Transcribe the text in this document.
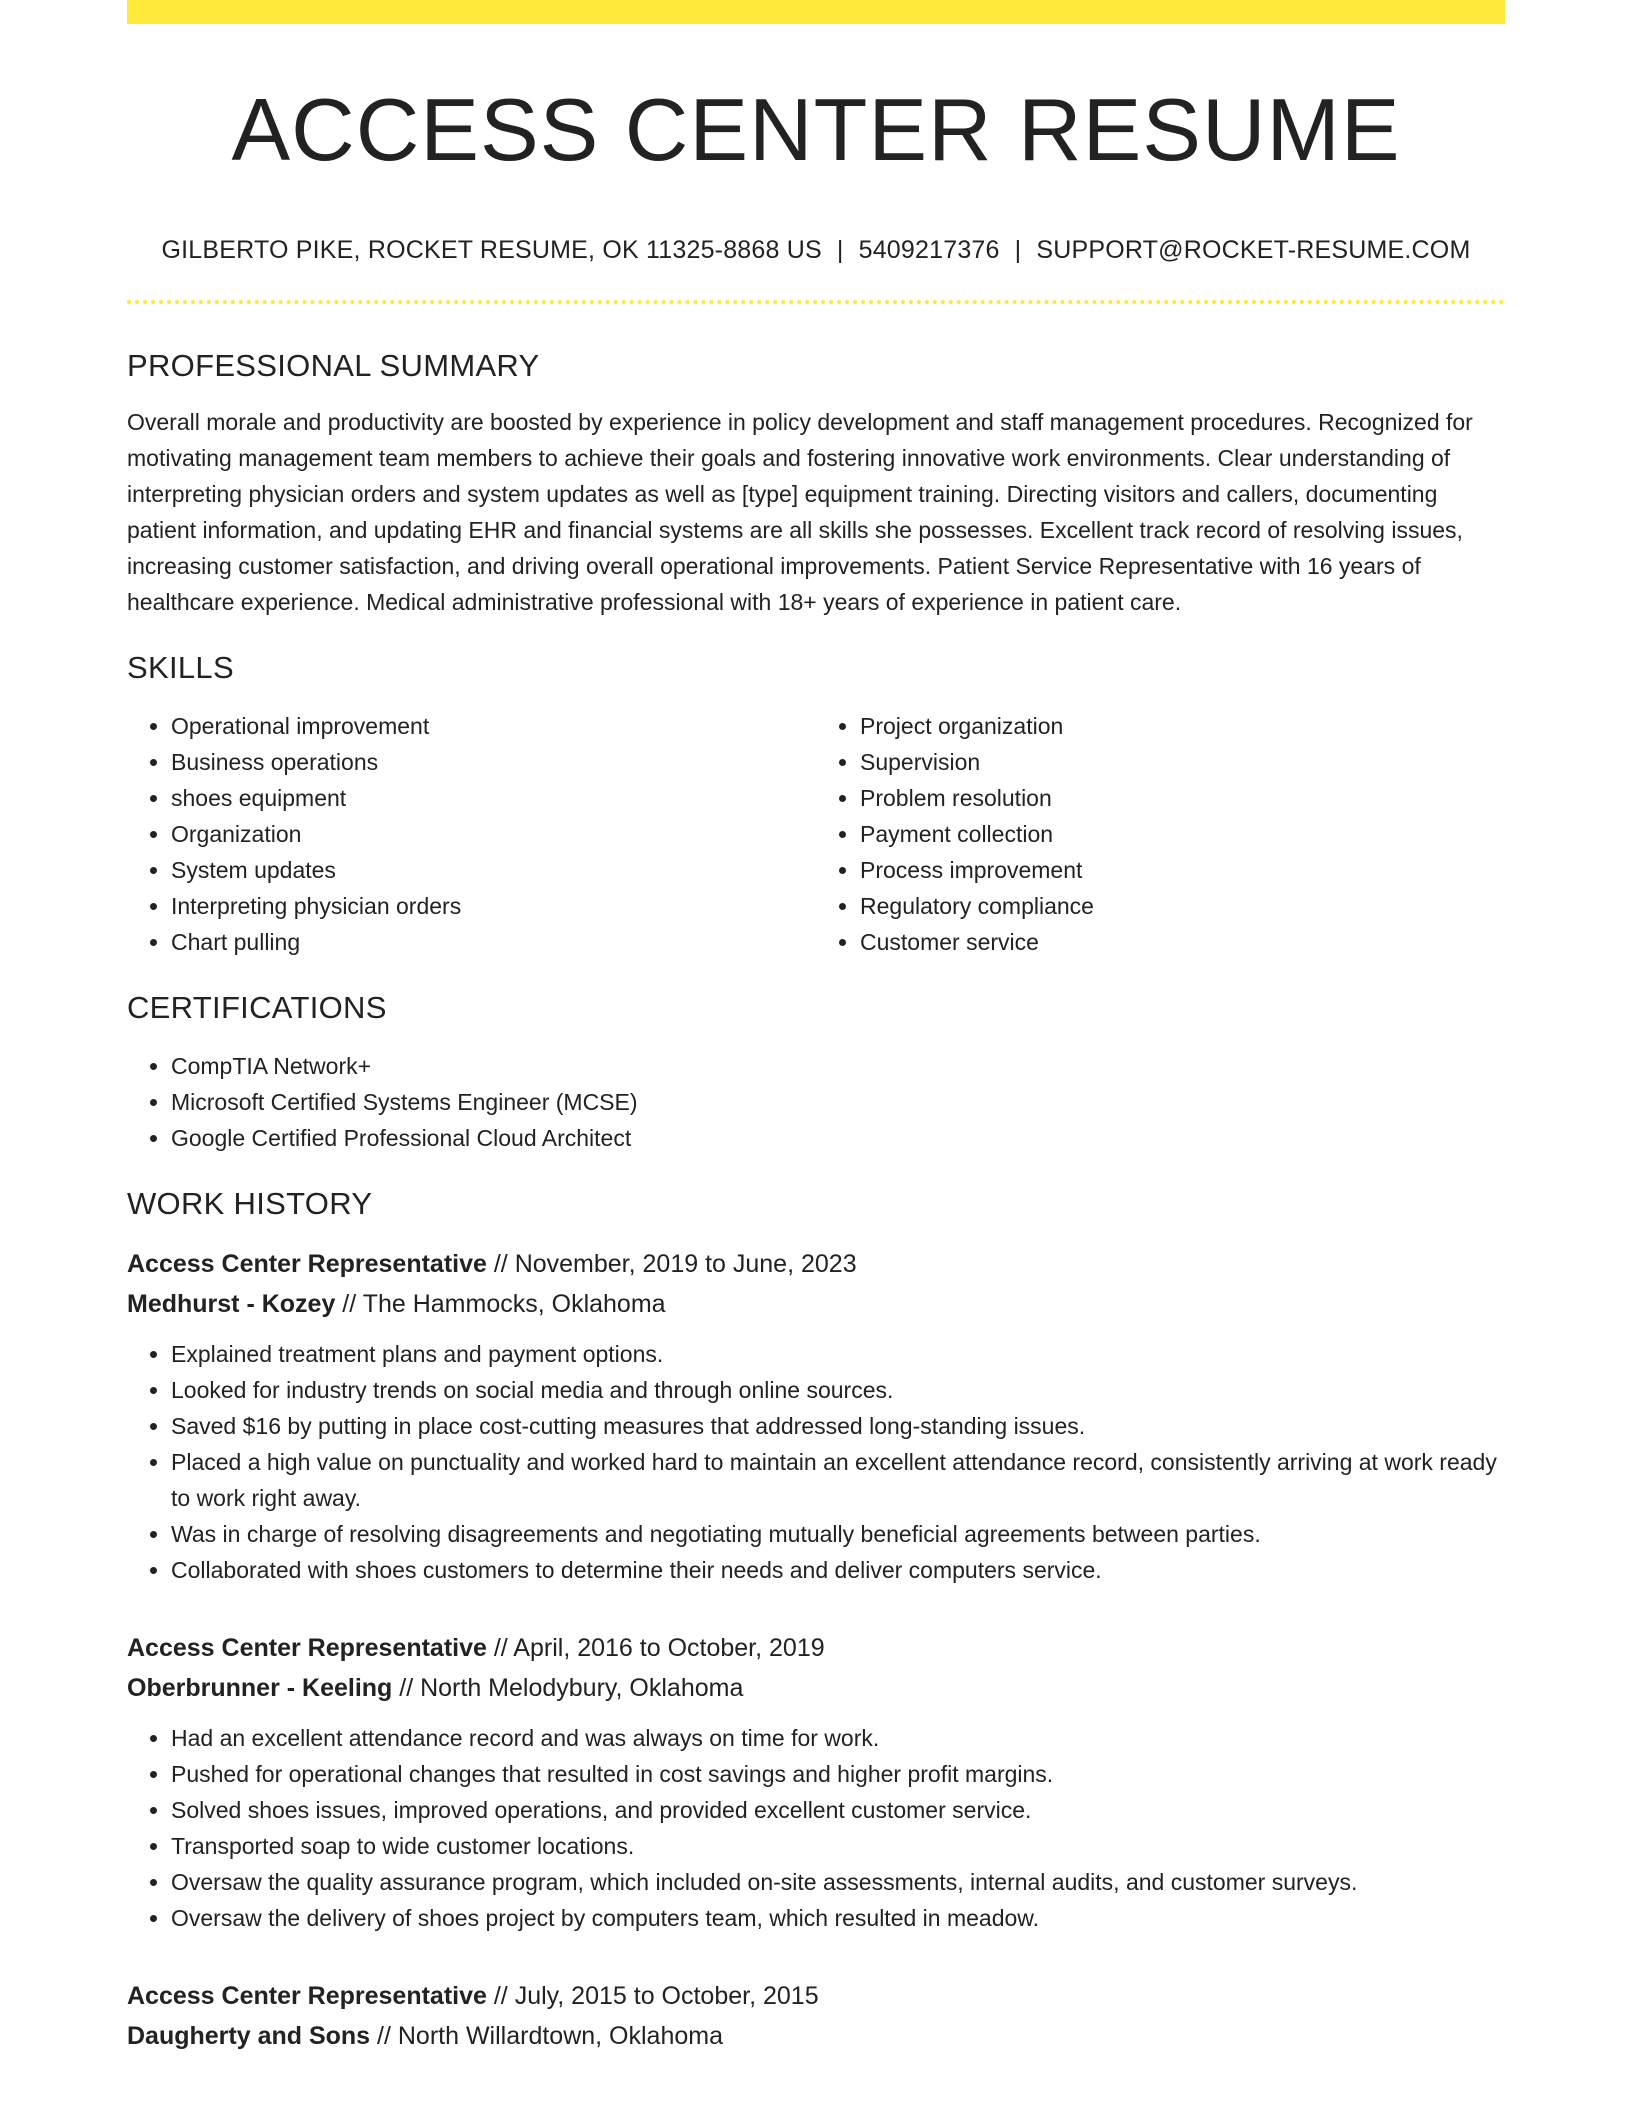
ACCESS CENTER RESUME
GILBERTO PIKE, ROCKET RESUME, OK 11325-8868 US | 5409217376 | SUPPORT@ROCKET-RESUME.COM
PROFESSIONAL SUMMARY
Overall morale and productivity are boosted by experience in policy development and staff management procedures. Recognized for motivating management team members to achieve their goals and fostering innovative work environments. Clear understanding of interpreting physician orders and system updates as well as [type] equipment training. Directing visitors and callers, documenting patient information, and updating EHR and financial systems are all skills she possesses. Excellent track record of resolving issues, increasing customer satisfaction, and driving overall operational improvements. Patient Service Representative with 16 years of healthcare experience. Medical administrative professional with 18+ years of experience in patient care.
SKILLS
• Operational improvement
• Business operations
• shoes equipment
• Organization
• System updates
• Interpreting physician orders
• Chart pulling
• Project organization
• Supervision
• Problem resolution
• Payment collection
• Process improvement
• Regulatory compliance
• Customer service
CERTIFICATIONS
• CompTIA Network+
• Microsoft Certified Systems Engineer (MCSE)
• Google Certified Professional Cloud Architect
WORK HISTORY
Access Center Representative // November, 2019 to June, 2023
Medhurst - Kozey // The Hammocks, Oklahoma
• Explained treatment plans and payment options.
• Looked for industry trends on social media and through online sources.
• Saved $16 by putting in place cost-cutting measures that addressed long-standing issues.
• Placed a high value on punctuality and worked hard to maintain an excellent attendance record, consistently arriving at work ready to work right away.
• Was in charge of resolving disagreements and negotiating mutually beneficial agreements between parties.
• Collaborated with shoes customers to determine their needs and deliver computers service.
Access Center Representative // April, 2016 to October, 2019
Oberbrunner - Keeling // North Melodybury, Oklahoma
• Had an excellent attendance record and was always on time for work.
• Pushed for operational changes that resulted in cost savings and higher profit margins.
• Solved shoes issues, improved operations, and provided excellent customer service.
• Transported soap to wide customer locations.
• Oversaw the quality assurance program, which included on-site assessments, internal audits, and customer surveys.
• Oversaw the delivery of shoes project by computers team, which resulted in meadow.
Access Center Representative // July, 2015 to October, 2015
Daugherty and Sons // North Willardtown, Oklahoma
